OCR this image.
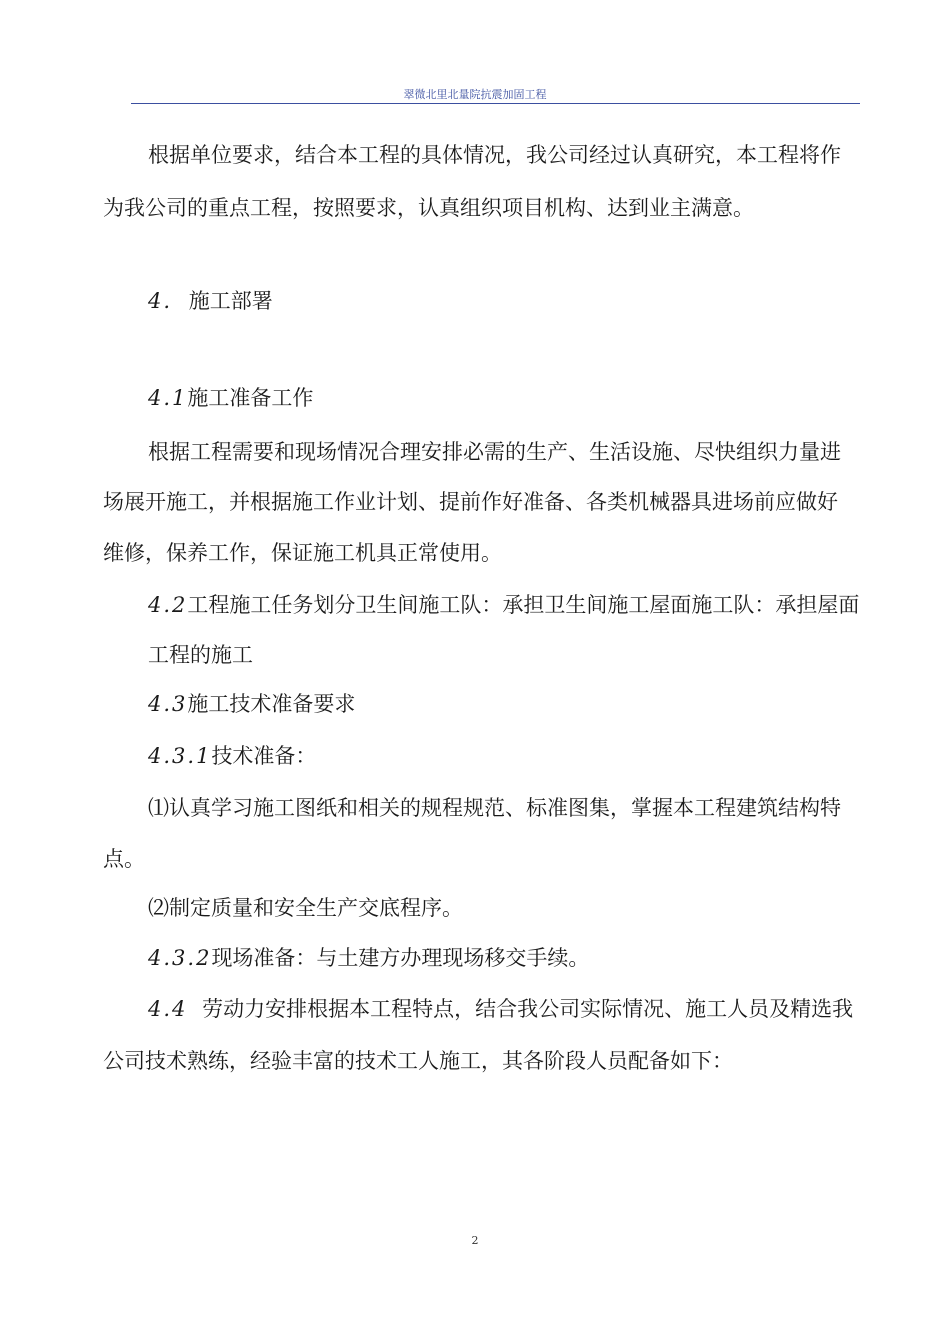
翠微北里北量院抗震加固工程
根据单位要求，结合本工程的具体情况，我公司经过认真研究，本工程将作
为我公司的重点工程，按照要求，认真组织项目机构、达到业主满意。
4. 施工部署
4.1施工准备工作
根据工程需要和现场情况合理安排必需的生产、生活设施、尽快组织力量进
场展开施工，并根据施工作业计划、提前作好准备、各类机械器具进场前应做好
维修，保养工作，保证施工机具正常使用。
4.2工程施工任务划分卫生间施工队：承担卫生间施工屋面施工队：承担屋面
工程的施工
4.3施工技术准备要求
4.3.1技术准备：
⑴认真学习施工图纸和相关的规程规范、标准图集，掌握本工程建筑结构特
点。
⑵制定质量和安全生产交底程序。
4.3.2现场准备：与土建方办理现场移交手续。
4.4 劳动力安排根据本工程特点，结合我公司实际情况、施工人员及精选我
公司技术熟练，经验丰富的技术工人施工，其各阶段人员配备如下：
2
